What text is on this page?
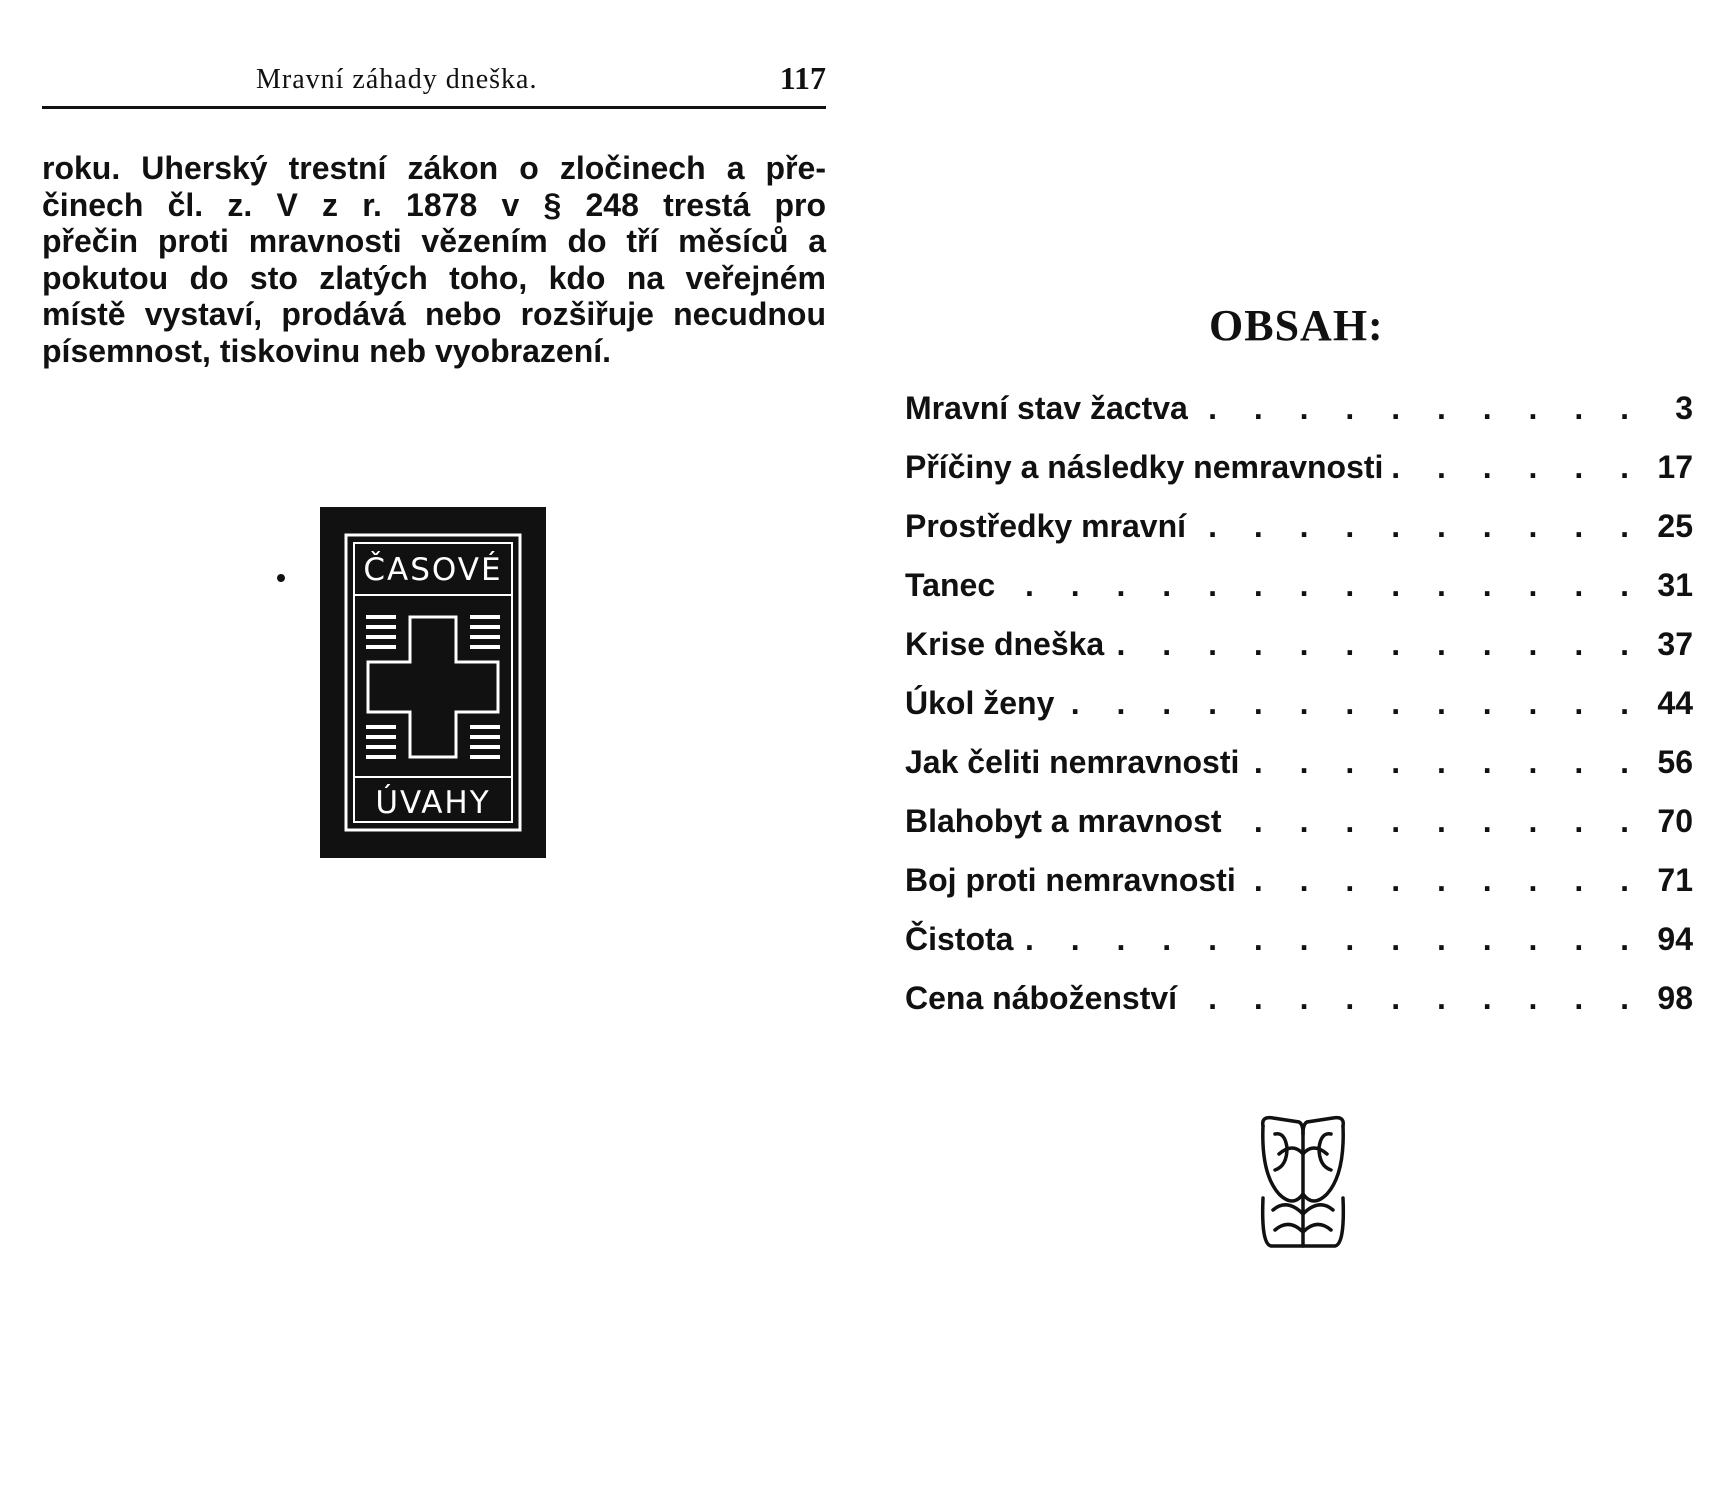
Mravní záhady dneška.	117
roku. Uherský trestní zákon o zločinech a pře-
činech čl. z. V z r. 1878 v § 248 trestá pro
přečin proti mravnosti vězením do tří měsíců a
pokutou do sto zlatých toho, kdo na veřejném
místě vystaví, prodává nebo rozšiřuje necudnou
písemnost, tiskovinu neb vyobrazení.
ČASOVÉ
ÚVAHY
OBSAH:
Mravní stav žactva . . .	3
Příčiny a následky nemravnosti . . .	17
Prostředky mravní . . .	25
Tanec . . .	31
Krise dneška . . .	37
Úkol ženy . . .	44
Jak čeliti nemravnosti . . .	56
Blahobyt a mravnost . . .	70
Boj proti nemravnosti . . .	71
Čistota . . .	94
Cena náboženství . . .	98
